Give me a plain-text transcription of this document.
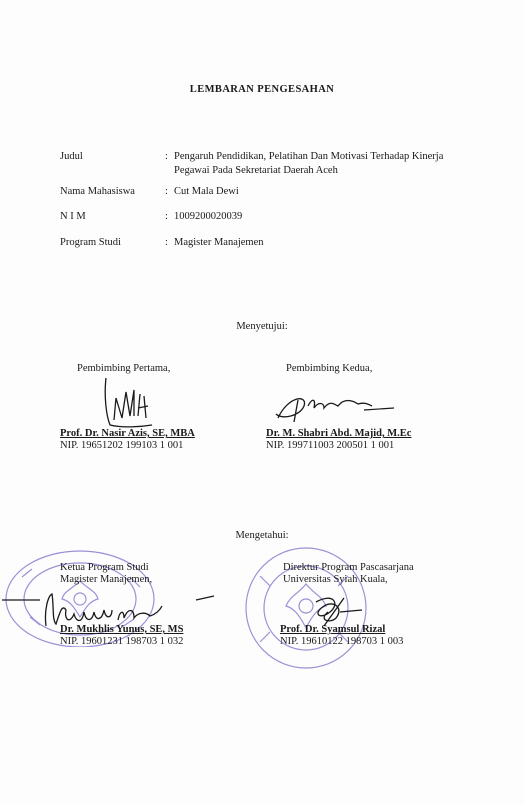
LEMBARAN PENGESAHAN
Judul	: Pengaruh Pendidikan, Pelatihan Dan Motivasi Terhadap Kinerja Pegawai Pada Sekretariat Daerah Aceh
Nama Mahasiswa	: Cut Mala Dewi
N I M	: 1009200020039
Program Studi	: Magister Manajemen
Menyetujui:
Pembimbing Pertama,
Prof. Dr. Nasir Azis, SE, MBA
NIP. 19651202 199103 1 001
Pembimbing Kedua,
Dr. M. Shabri Abd. Majid, M.Ec
NIP. 199711003 200501 1 001
Mengetahui:
Ketua Program Studi
Magister Manajemen,
Dr. Mukhlis Yunus, SE, MS
NIP. 19601231 198703 1 032
Direktur Program Pascasarjana
Universitas Syiah Kuala,
Prof. Dr. Syamsul Rizal
NIP. 19610122 198703 1 003
